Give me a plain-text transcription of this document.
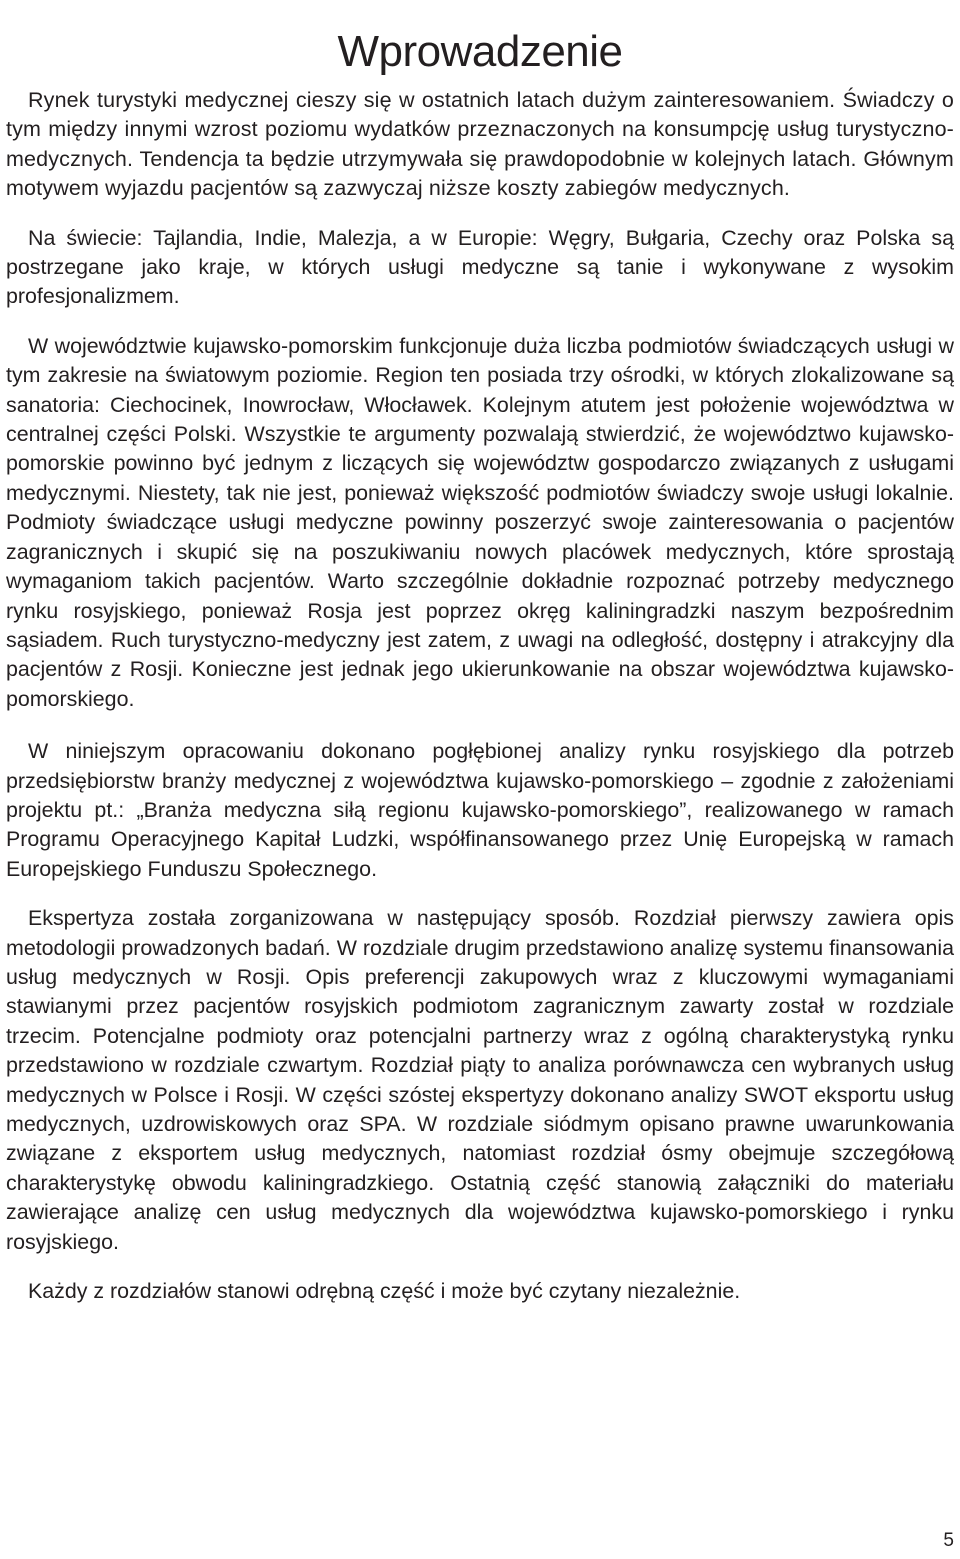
Wprowadzenie

Rynek turystyki medycznej cieszy się w ostatnich latach dużym zainteresowaniem. Świadczy o tym między innymi wzrost poziomu wydatków przeznaczonych na konsumpcję usług turystyczno-medycznych. Tendencja ta będzie utrzymywała się prawdopodobnie w kolejnych latach. Głównym motywem wyjazdu pacjentów są zazwyczaj niższe koszty zabiegów medycznych.

Na świecie: Tajlandia, Indie, Malezja, a w Europie: Węgry, Bułgaria, Czechy oraz Polska są postrzegane jako kraje, w których usługi medyczne są tanie i wykonywane z wysokim profesjonalizmem.

W województwie kujawsko-pomorskim funkcjonuje duża liczba podmiotów świadczących usługi w tym zakresie na światowym poziomie. Region ten posiada trzy ośrodki, w których zlokalizowane są sanatoria: Ciechocinek, Inowrocław, Włocławek. Kolejnym atutem jest położenie województwa w centralnej części Polski. Wszystkie te argumenty pozwalają stwierdzić, że województwo kujawsko-pomorskie powinno być jednym z liczących się województw gospodarczo związanych z usługami medycznymi. Niestety, tak nie jest, ponieważ większość podmiotów świadczy swoje usługi lokalnie. Podmioty świadczące usługi medyczne powinny poszerzyć swoje zainteresowania o pacjentów zagranicznych i skupić się na poszukiwaniu nowych placówek medycznych, które sprostają wymaganiom takich pacjentów. Warto szczególnie dokładnie rozpoznać potrzeby medycznego rynku rosyjskiego, ponieważ Rosja jest poprzez okręg kaliningradzki naszym bezpośrednim sąsiadem. Ruch turystyczno-medyczny jest zatem, z uwagi na odległość, dostępny i atrakcyjny dla pacjentów z Rosji. Konieczne jest jednak jego ukierunkowanie na obszar województwa kujawsko-pomorskiego.

W niniejszym opracowaniu dokonano pogłębionej analizy rynku rosyjskiego dla potrzeb przedsiębiorstw branży medycznej z województwa kujawsko-pomorskiego – zgodnie z założeniami projektu pt.: „Branża medyczna siłą regionu kujawsko-pomorskiego”, realizowanego w ramach Programu Operacyjnego Kapitał Ludzki, współfinansowanego przez Unię Europejską w ramach Europejskiego Funduszu Społecznego.

Ekspertyza została zorganizowana w następujący sposób. Rozdział pierwszy zawiera opis metodologii prowadzonych badań. W rozdziale drugim przedstawiono analizę systemu finansowania usług medycznych w Rosji. Opis preferencji zakupowych wraz z kluczowymi wymaganiami stawianymi przez pacjentów rosyjskich podmiotom zagranicznym zawarty został w rozdziale trzecim. Potencjalne podmioty oraz potencjalni partnerzy wraz z ogólną charakterystyką rynku przedstawiono w rozdziale czwartym. Rozdział piąty to analiza porównawcza cen wybranych usług medycznych w Polsce i Rosji. W części szóstej ekspertyzy dokonano analizy SWOT eksportu usług medycznych, uzdrowiskowych oraz SPA. W rozdziale siódmym opisano prawne uwarunkowania związane z eksportem usług medycznych, natomiast rozdział ósmy obejmuje szczegółową charakterystykę obwodu kaliningradzkiego. Ostatnią część stanowią załączniki do materiału zawierające analizę cen usług medycznych dla województwa kujawsko-pomorskiego i rynku rosyjskiego.

Każdy z rozdziałów stanowi odrębną część i może być czytany niezależnie.

5
